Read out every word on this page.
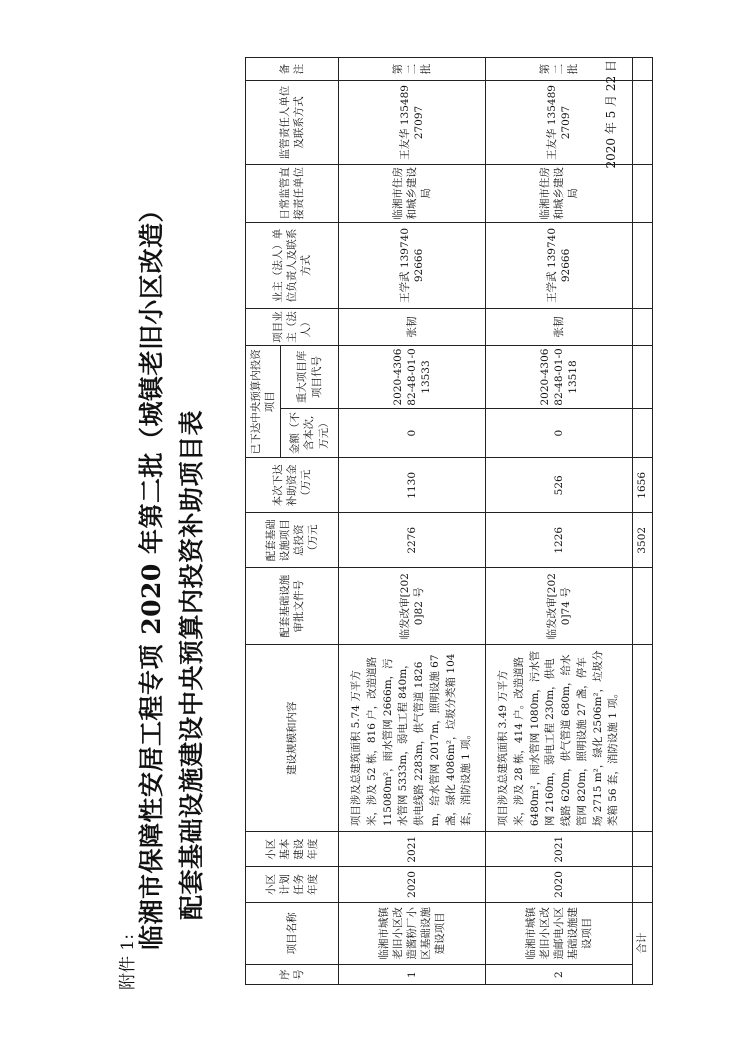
附件 1:
临湘市保障性安居工程专项 2020 年第二批（城镇老旧小区改造） 配套基础设施建设中央预算内投资补助项目表
序号	项目名称	小区计划任务年度	小区基本建设年度	建设规模和内容	配套基础设施审批文件号	配套基础设施项目总投资（万元	本次下达补助资金（万元	已下达中央预算内投资项目		项目业主（法人）	业主（法人）单位负责人及联系方式	日常监管直接责任单位	监管责任人单位及联系方式	备注
								金额（不含本次,万元）	重大项目库项目代号					
1	临湘市城镇老旧小区改造酱粉厂小区基础设施建设项目	2020	2021	项目涉及总建筑面积 5.74 万平方米，涉及 52 栋，816 户，改造道路 115080m²，雨水管网 2666m，污水管网 5333m，弱电工程 840m，供电线路 2283m，供气管道 1826m，给水管网 2017m，照明设施 67 盏，绿化 4086m²，垃圾分类箱 104 套，消防设施 1 项。	临发改审[2020]82 号	2276	1130	0	2020-430682-48-01-013533	张韧	王学武 13974092666	临湘市住房和城乡建设局	王友华 13548927097	第二批
2	临湘市城镇老旧小区改造邮电小区基础设施建设项目	2020	2021	项目涉及总建筑面积 3.49 万平方米，涉及 28 栋，414 户。改造道路 6480m²，雨水管网 1080m，污水管网 2160m，弱电工程 230m，供电线路 620m，供气管道 680m，给水管网 820m，照明设施 27 盏，停车场 2715 m²，绿化 2506m²，垃圾分类箱 56 套，消防设施 1 项。	临发改审[2020]74 号	1226	526	0	2020-430682-48-01-013518	张韧	王学武 13974092666	临湘市住房和城乡建设局	王友华 13548927097	第二批
合计						3502	1656							
2020 年 5 月 22 日
